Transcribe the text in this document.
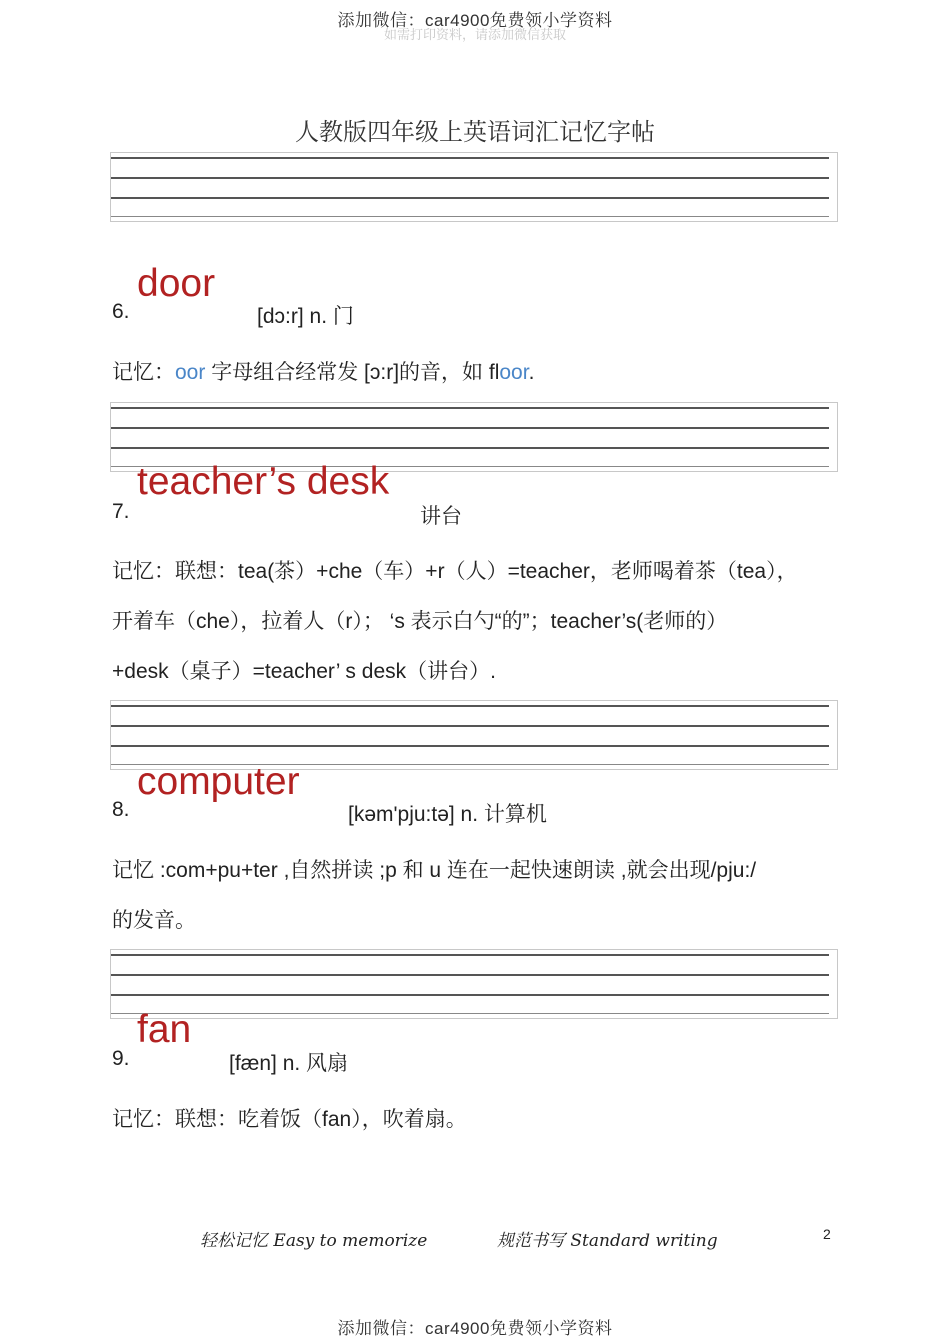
添加微信：car4900免费领小学资料
如需打印资料，请添加微信获取
人教版四年级上英语词汇记忆字帖
door
6.	[dɔ:r] n. 门
记忆：oor 字母组合经常发 [ɔ:r]的音，如 floor.
teacher’s desk
7.	讲台
记忆：联想：tea(茶）+che（车）+r（人）=teacher，老师喝着茶（tea），
开着车（che），拉着人（r）； ‘s 表示白勺“的”；teacher’s(老师的）
+desk（桌子）=teacher’ s desk（讲台）.
computer
8.	[kəm'pju:tə] n. 计算机
记忆 :com+pu+ter ,自然拼读 ;p 和 u 连在一起快速朗读 ,就会出现/pju:/
的发音。
fan
9.	[fæn] n. 风扇
记忆：联想：吃着饭（fan），吹着扇。
轻松记忆 Easy to memorize	规范书写 Standard writing	2
添加微信：car4900免费领小学资料
